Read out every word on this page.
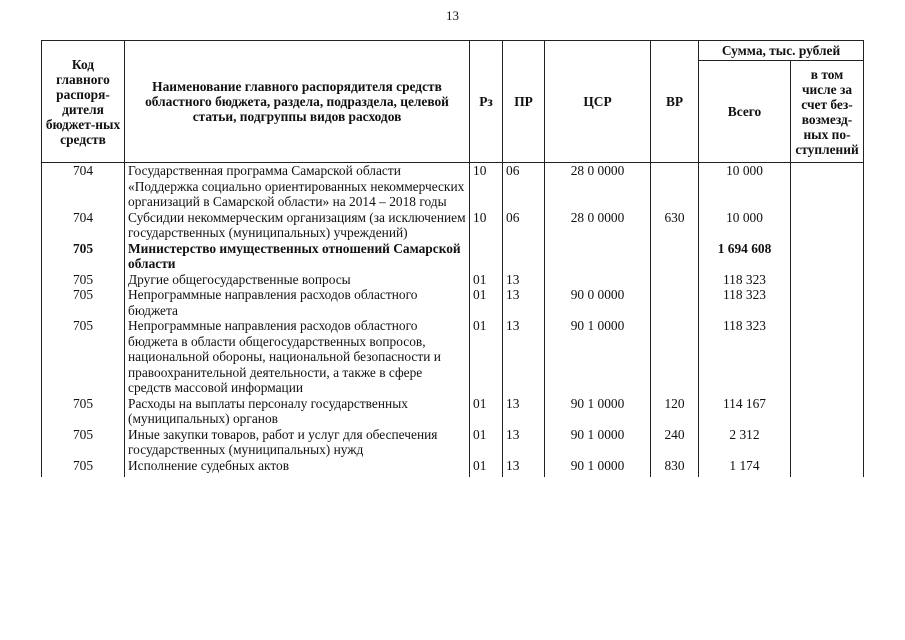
13
Код главного распоря-дителя бюджет-ных средств	Наименование главного распорядителя средств областного бюджета, раздела, подраздела, целевой статьи, подгруппы видов расходов	Рз	ПР	ЦСР	ВР	Сумма, тыс. рублей	
						Всего	в том числе за счет без-возмезд-ных по-ступлений
704	Государственная программа Самарской области «Поддержка социально ориентированных некоммерческих организаций в Самарской области» на 2014 – 2018 годы	10	06	28 0 0000		10 000	
704	Субсидии некоммерческим организациям (за исключением государственных (муниципальных) учреждений)	10	06	28 0 0000	630	10 000	
705	Министерство имущественных отношений Самарской области					1 694 608	
705	Другие общегосударственные вопросы	01	13			118 323	
705	Непрограммные направления расходов областного бюджета	01	13	90 0 0000		118 323	
705	Непрограммные направления расходов областного бюджета в области общегосударственных вопросов, национальной обороны, национальной безопасности и правоохранительной деятельности, а также в сфере средств массовой информации	01	13	90 1 0000		118 323	
705	Расходы на выплаты персоналу государственных (муниципальных) органов	01	13	90 1 0000	120	114 167	
705	Иные закупки товаров, работ и услуг для обеспечения государственных (муниципальных) нужд	01	13	90 1 0000	240	2 312	
705	Исполнение судебных актов	01	13	90 1 0000	830	1 174	
